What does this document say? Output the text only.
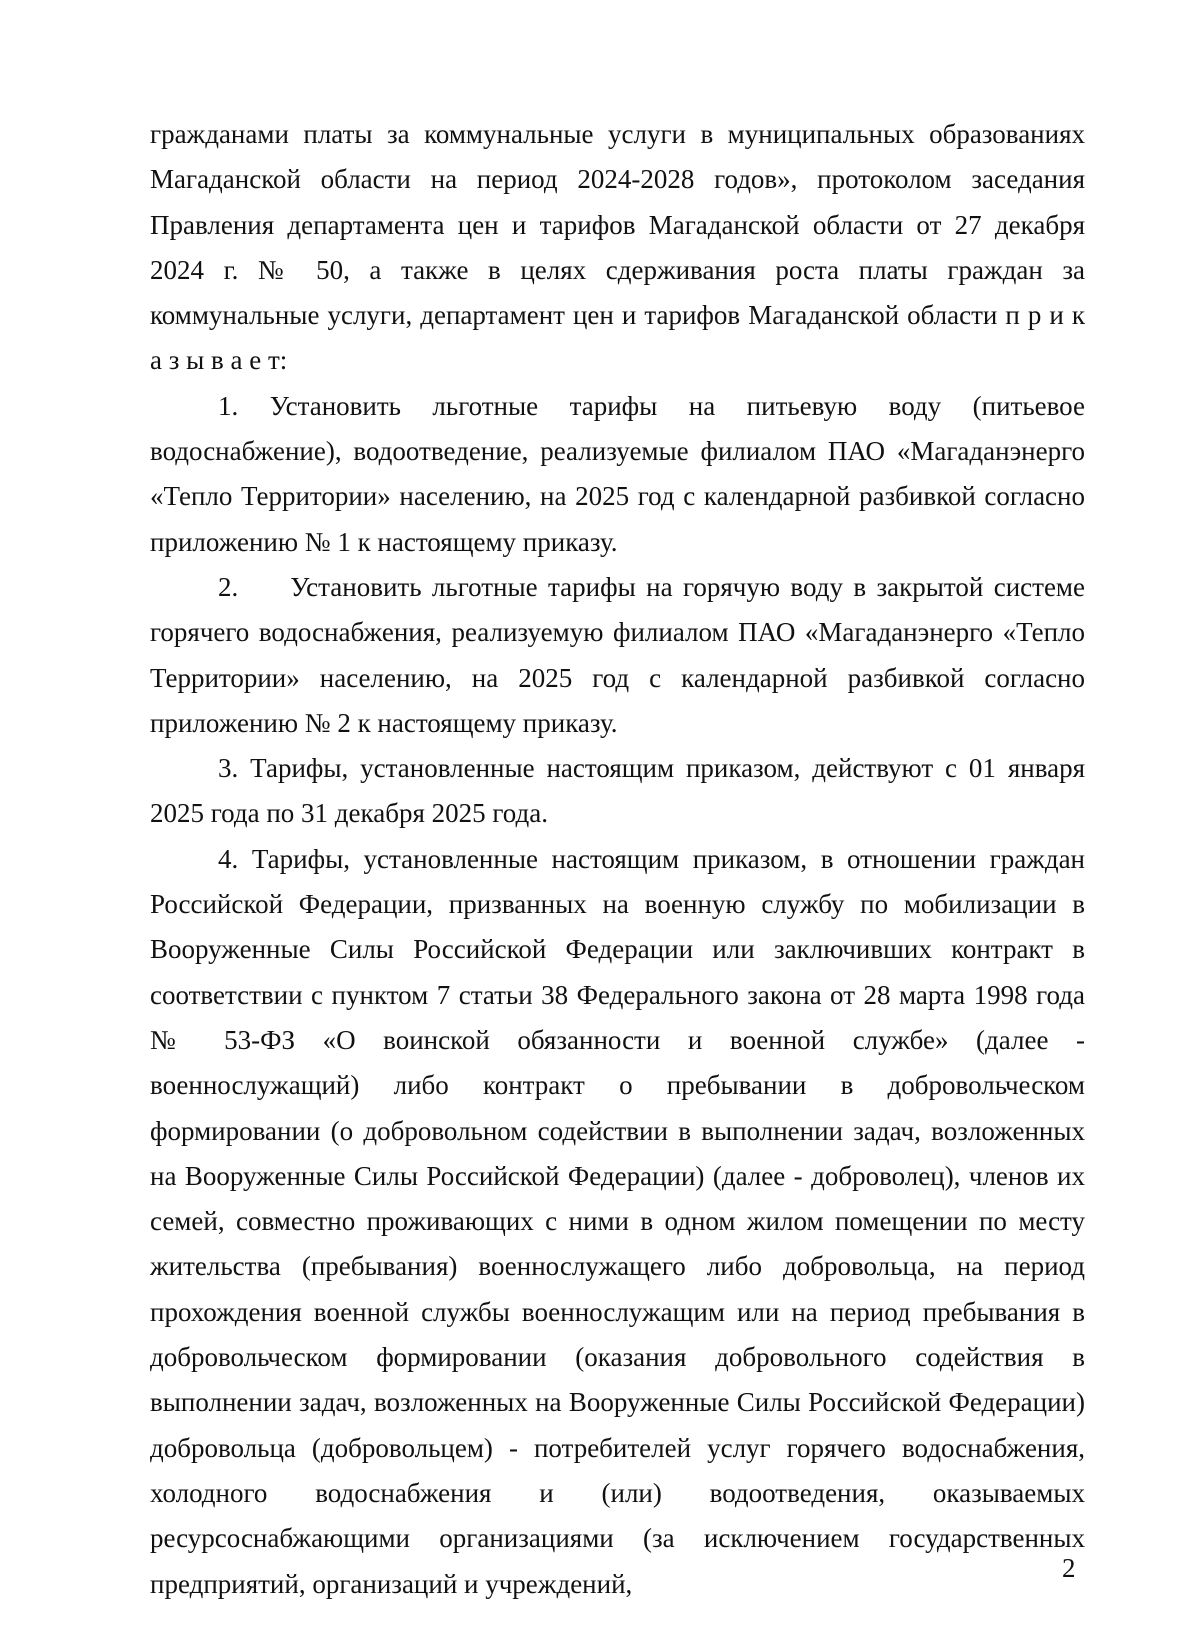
гражданами платы за коммунальные услуги в муниципальных образованиях Магаданской области на период 2024-2028 годов», протоколом заседания Правления департамента цен и тарифов Магаданской области от 27 декабря 2024 г. № 50, а также в целях сдерживания роста платы граждан за коммунальные услуги, департамент цен и тарифов Магаданской области п р и к а з ы в а е т:

1. Установить льготные тарифы на питьевую воду (питьевое водоснабжение), водоотведение, реализуемые филиалом ПАО «Магаданэнерго «Тепло Территории» населению, на 2025 год с календарной разбивкой согласно приложению № 1 к настоящему приказу.

2.     Установить льготные тарифы на горячую воду в закрытой системе горячего водоснабжения, реализуемую филиалом ПАО «Магаданэнерго «Тепло Территории» населению, на 2025 год с календарной разбивкой согласно приложению № 2 к настоящему приказу.

3. Тарифы, установленные настоящим приказом, действуют с 01 января 2025 года по 31 декабря 2025 года.

4. Тарифы, установленные настоящим приказом, в отношении граждан Российской Федерации, призванных на военную службу по мобилизации в Вооруженные Силы Российской Федерации или заключивших контракт в соответствии с пунктом 7 статьи 38 Федерального закона от 28 марта 1998 года № 53-ФЗ «О воинской обязанности и военной службе» (далее - военнослужащий) либо контракт о пребывании в добровольческом формировании (о добровольном содействии в выполнении задач, возложенных на Вооруженные Силы Российской Федерации) (далее - доброволец), членов их семей, совместно проживающих с ними в одном жилом помещении по месту жительства (пребывания) военнослужащего либо добровольца, на период прохождения военной службы военнослужащим или на период пребывания в добровольческом формировании (оказания добровольного содействия в выполнении задач, возложенных на Вооруженные Силы Российской Федерации) добровольца (добровольцем) - потребителей услуг горячего водоснабжения, холодного водоснабжения и (или) водоотведения, оказываемых ресурсоснабжающими организациями (за исключением государственных предприятий, организаций и учреждений,

2
